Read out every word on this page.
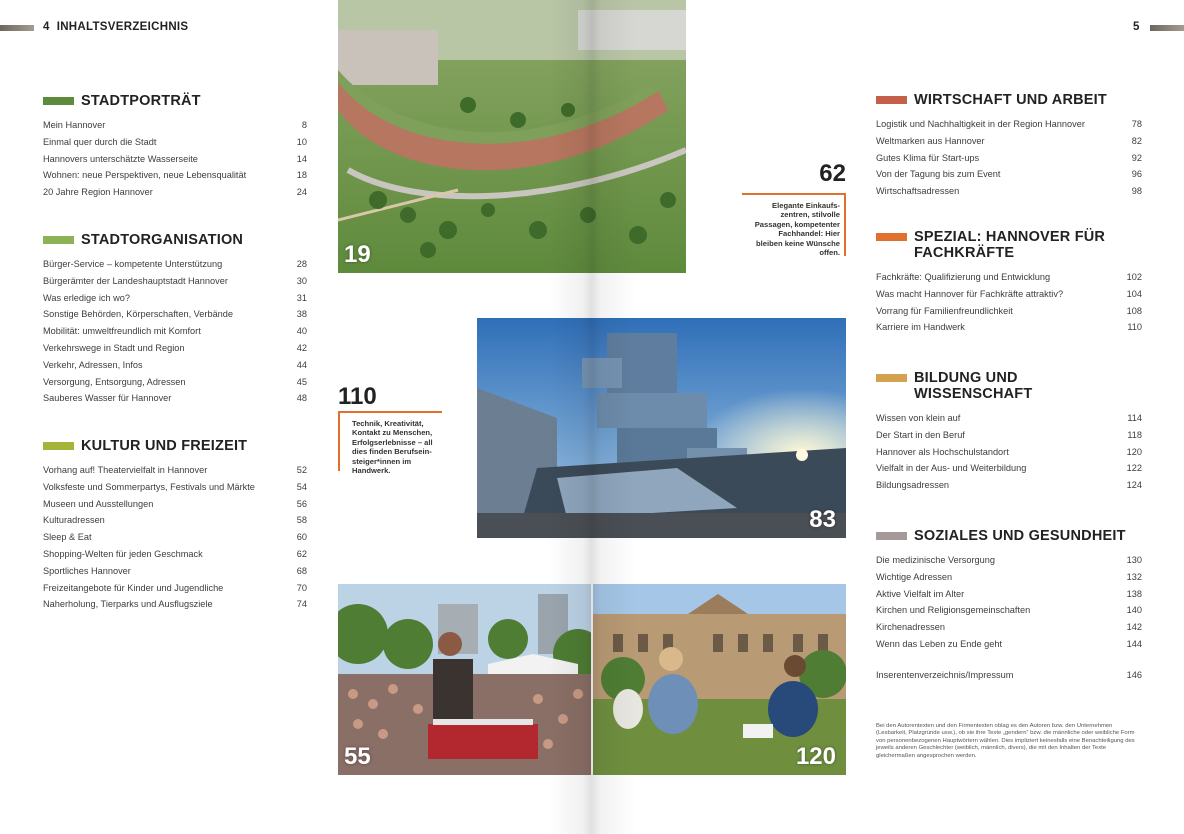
4 INHALTSVERZEICHNIS	5
STADTPORTRÄT
Mein Hannover	8
Einmal quer durch die Stadt	10
Hannovers unterschätzte Wasserseite	14
Wohnen: neue Perspektiven, neue Lebensqualität	18
20 Jahre Region Hannover	24
STADTORGANISATION
Bürger-Service – kompetente Unterstützung	28
Bürgerämter der Landeshauptstadt Hannover	30
Was erledige ich wo?	31
Sonstige Behörden, Körperschaften, Verbände	38
Mobilität: umweltfreundlich mit Komfort	40
Verkehrswege in Stadt und Region	42
Verkehr, Adressen, Infos	44
Versorgung, Entsorgung, Adressen	45
Sauberes Wasser für Hannover	48
KULTUR UND FREIZEIT
Vorhang auf! Theatervielfalt in Hannover	52
Volksfeste und Sommerpartys, Festivals und Märkte	54
Museen und Ausstellungen	56
Kulturadressen	58
Sleep & Eat	60
Shopping-Welten für jeden Geschmack	62
Sportliches Hannover	68
Freizeitangebote für Kinder und Jugendliche	70
Naherholung, Tierparks und Ausflugsziele	74
WIRTSCHAFT UND ARBEIT
Logistik und Nachhaltigkeit in der Region Hannover	78
Weltmarken aus Hannover	82
Gutes Klima für Start-ups	92
Von der Tagung bis zum Event	96
Wirtschaftsadressen	98
SPEZIAL: HANNOVER FÜR FACHKRÄFTE
Fachkräfte: Qualifizierung und Entwicklung	102
Was macht Hannover für Fachkräfte attraktiv?	104
Vorrang für Familienfreundlichkeit	108
Karriere im Handwerk	110
BILDUNG UND WISSENSCHAFT
Wissen von klein auf	114
Der Start in den Beruf	118
Hannover als Hochschulstandort	120
Vielfalt in der Aus- und Weiterbildung	122
Bildungsadressen	124
SOZIALES UND GESUNDHEIT
Die medizinische Versorgung	130
Wichtige Adressen	132
Aktive Vielfalt im Alter	138
Kirchen und Religionsgemeinschaften	140
Kirchenadressen	142
Wenn das Leben zu Ende geht	144
Inserentenverzeichnis/Impressum	146
Bei den Autorentexten und den Firmentexten oblag es den Autoren bzw. den Unternehmen (Lesbarkeit, Platzgründe usw.), ob sie ihre Texte „gendern“ bzw. die männliche oder weibliche Form von personenbezogenen Hauptwörtern wählen. Dies impliziert keinesfalls eine Benachteiligung des jeweils anderen Geschlechter (weiblich, männlich, divers), die mit den Inhalten der Texte gleichermaßen angesprochen werden.
19
62
Elegante Einkaufs-zentren, stilvolle Passagen, kompetenter Fachhandel: Hier bleiben keine Wünsche offen.
110
Technik, Kreativität, Kontakt zu Menschen, Erfolgserlebnisse – all dies finden Berufsein-steiger*innen im Handwerk.
83
55	120
